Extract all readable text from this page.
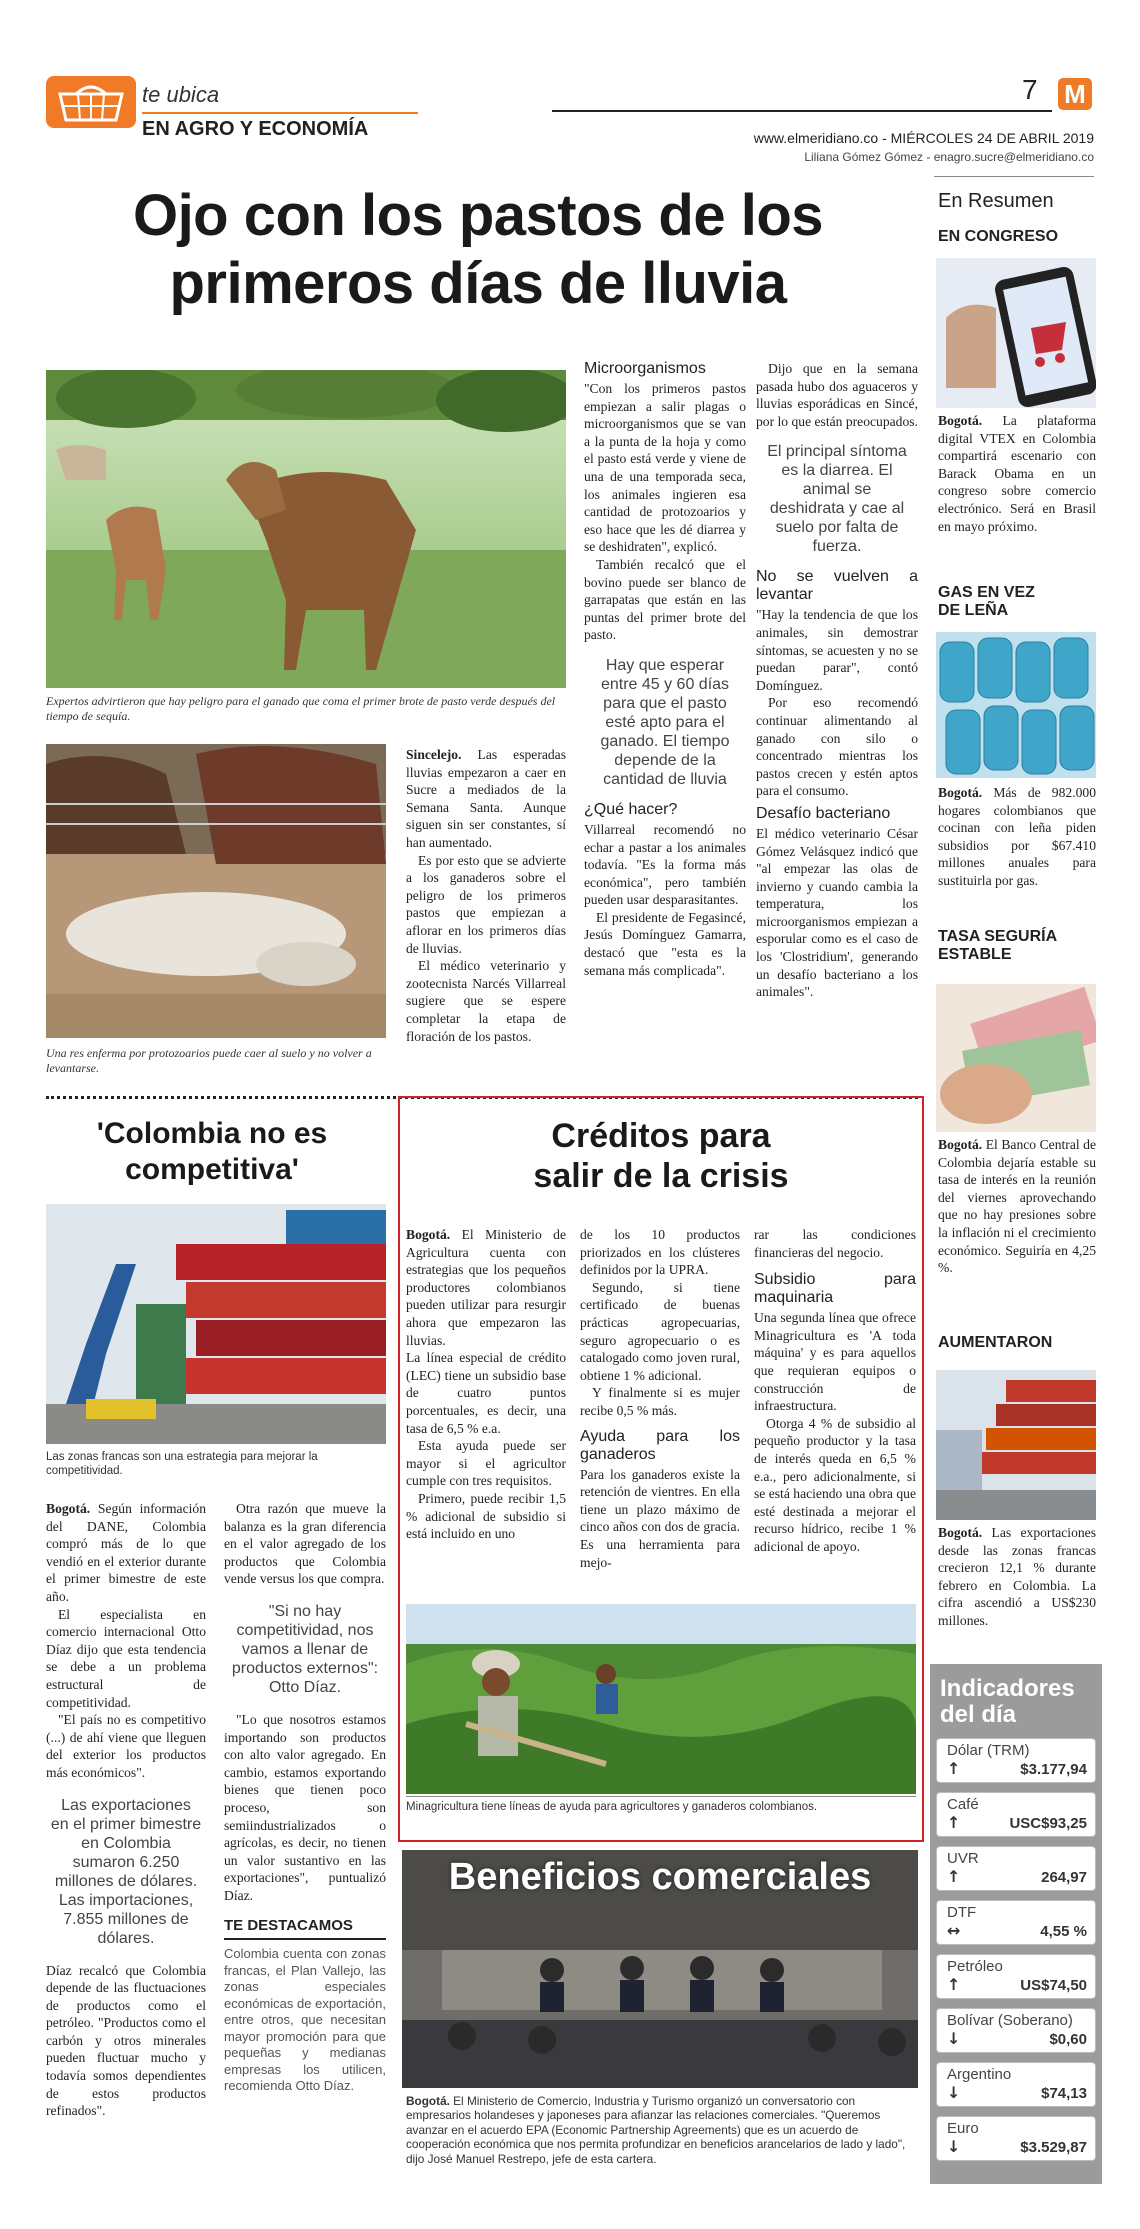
te ubica
EN AGRO Y ECONOMÍA
7 M
www.elmeridiano.co - MIÉRCOLES 24 DE ABRIL 2019
Liliana Gómez Gómez - enagro.sucre@elmeridiano.co
Ojo con los pastos de los
primeros días de lluvia
Expertos advirtieron que hay peligro para el ganado que coma el primer brote de pasto verde después del tiempo de sequía.
Una res enferma por protozoarios puede caer al suelo y no volver a levantarse.

Sincelejo. Las esperadas lluvias empezaron a caer en Sucre a mediados de la Semana Santa. Aunque siguen sin ser constantes, sí han aumentado.

Es por esto que se advierte a los ganaderos sobre el peligro de los primeros pastos que empiezan a aflorar en los primeros días de lluvias.

El médico veterinario y zootecnista Narcés Villarreal sugiere que se espere completar la etapa de floración de los pastos.

Microorganismos

"Con los primeros pastos empiezan a salir plagas o microorganismos que se van a la punta de la hoja y como el pasto está verde y viene de una de una temporada seca, los animales ingieren esa cantidad de protozoarios y eso hace que les dé diarrea y se deshidraten", explicó.

También recalcó que el bovino puede ser blanco de garrapatas que están en las puntas del primer brote del pasto.

Hay que esperar entre 45 y 60 días para que el pasto esté apto para el ganado. El tiempo depende de la cantidad de lluvia
¿Qué hacer?

Villarreal recomendó no echar a pastar a los animales todavía. "Es la forma más económica", pero también pueden usar desparasitantes.

El presidente de Fegasincé, Jesús Domínguez Gamarra, destacó que "esta es la semana más complicada".

Dijo que en la semana pasada hubo dos aguaceros y lluvias esporádicas en Sincé, por lo que están preocupados.

El principal síntoma es la diarrea. El animal se deshidrata y cae al suelo por falta de fuerza.
No se vuelven a levantar

"Hay la tendencia de que los animales, sin demostrar síntomas, se acuesten y no se puedan parar", contó Domínguez.

Por eso recomendó continuar alimentando al ganado con silo o concentrado mientras los pastos crecen y estén aptos para el consumo.

Desafío bacteriano

El médico veterinario César Gómez Velásquez indicó que "al empezar las olas de invierno y cuando cambia la temperatura, los microorganismos empiezan a esporular como es el caso de los 'Clostridium', generando un desafío bacteriano a los animales".

'Colombia no es
competitiva'
Las zonas francas son una estrategia para mejorar la competitividad.

Bogotá. Según información del DANE, Colombia compró más de lo que vendió en el exterior durante el primer bimestre de este año.

El especialista en comercio internacional Otto Díaz dijo que esta tendencia se debe a un problema estructural de competitividad.

"El país no es competitivo (...) de ahí viene que lleguen del exterior los productos más económicos".

Las exportaciones en el primer bimestre en Colombia sumaron 6.250 millones de dólares. Las importaciones, 7.855 millones de dólares.

Díaz recalcó que Colombia depende de las fluctuaciones de productos como el petróleo. "Productos como el carbón y otros minerales pueden fluctuar mucho y todavía somos dependientes de estos productos refinados".

Otra razón que mueve la balanza es la gran diferencia en el valor agregado de los productos que Colombia vende versus los que compra.

"Si no hay competitividad, nos vamos a llenar de productos externos": Otto Díaz.

"Lo que nosotros estamos importando son productos con alto valor agregado. En cambio, estamos exportando bienes que tienen poco proceso, son semiindustrializados o agrícolas, es decir, no tienen un valor sustantivo en las exportaciones", puntualizó Díaz.

TE DESTACAMOS
Colombia cuenta con zonas francas, el Plan Vallejo, las zonas especiales económicas de exportación, entre otros, que necesitan mayor promoción para que pequeñas y medianas empresas los utilicen, recomienda Otto Díaz.
Créditos para
salir de la crisis

Bogotá. El Ministerio de Agricultura cuenta con estrategias que los pequeños productores colombianos pueden utilizar para resurgir ahora que empezaron las lluvias.

La línea especial de crédito (LEC) tiene un subsidio base de cuatro puntos porcentuales, es decir, una tasa de 6,5 % e.a.

Esta ayuda puede ser mayor si el agricultor cumple con tres requisitos.

Primero, puede recibir 1,5 % adicional de subsidio si está incluido en uno

de los 10 productos priorizados en los clústeres definidos por la UPRA.

Segundo, si tiene certificado de buenas prácticas agropecuarias, seguro agropecuario o es catalogado como joven rural, obtiene 1 % adicional.

Y finalmente si es mujer recibe 0,5 % más.

Ayuda para los ganaderos

Para los ganaderos existe la retención de vientres. En ella tiene un plazo máximo de cinco años con dos de gracia. Es una herramienta para mejo-

rar las condiciones financieras del negocio.

Subsidio para maquinaria

Una segunda línea que ofrece Minagricultura es 'A toda máquina' y es para aquellos que requieran equipos o construcción de infraestructura.

Otorga 4 % de subsidio al pequeño productor y la tasa de interés queda en 6,5 % e.a., pero adicionalmente, si se está haciendo una obra que esté destinada a mejorar el recurso hídrico, recibe 1 % adicional de apoyo.

Minagricultura tiene líneas de ayuda para agricultores y ganaderos colombianos.
Beneficios comerciales
Bogotá. El Ministerio de Comercio, Industria y Turismo organizó un conversatorio con empresarios holandeses y japoneses para afianzar las relaciones comerciales. "Queremos avanzar en el acuerdo EPA (Economic Partnership Agreements) que es un acuerdo de cooperación económica que nos permita profundizar en beneficios arancelarios de lado y lado", dijo José Manuel Restrepo, jefe de esta cartera.
En Resumen
EN CONGRESO
Bogotá. La plataforma digital VTEX en Colombia compartirá escenario con Barack Obama en un congreso sobre comercio electrónico. Será en Brasil en mayo próximo.
GAS EN VEZ DE LEÑA
Bogotá. Más de 982.000 hogares colombianos que cocinan con leña piden subsidios por $67.410 millones anuales para sustituirla por gas.
TASA SEGURÍA ESTABLE
Bogotá. El Banco Central de Colombia dejaría estable su tasa de interés en la reunión del viernes aprovechando que no hay presiones sobre la inflación ni el crecimiento económico. Seguiría en 4,25 %.
AUMENTARON
Bogotá. Las exportaciones desde las zonas francas crecieron 12,1 % durante febrero en Colombia. La cifra ascendió a US$230 millones.
Indicadores
del día
Dólar (TRM)
↑	$3.177,94
Café
↑	USC$93,25
UVR
↑	264,97
DTF
↔	4,55 %
Petróleo
↑	US$74,50
Bolívar (Soberano)
↓	$0,60
Argentino
↓	$74,13
Euro
↓	$3.529,87
